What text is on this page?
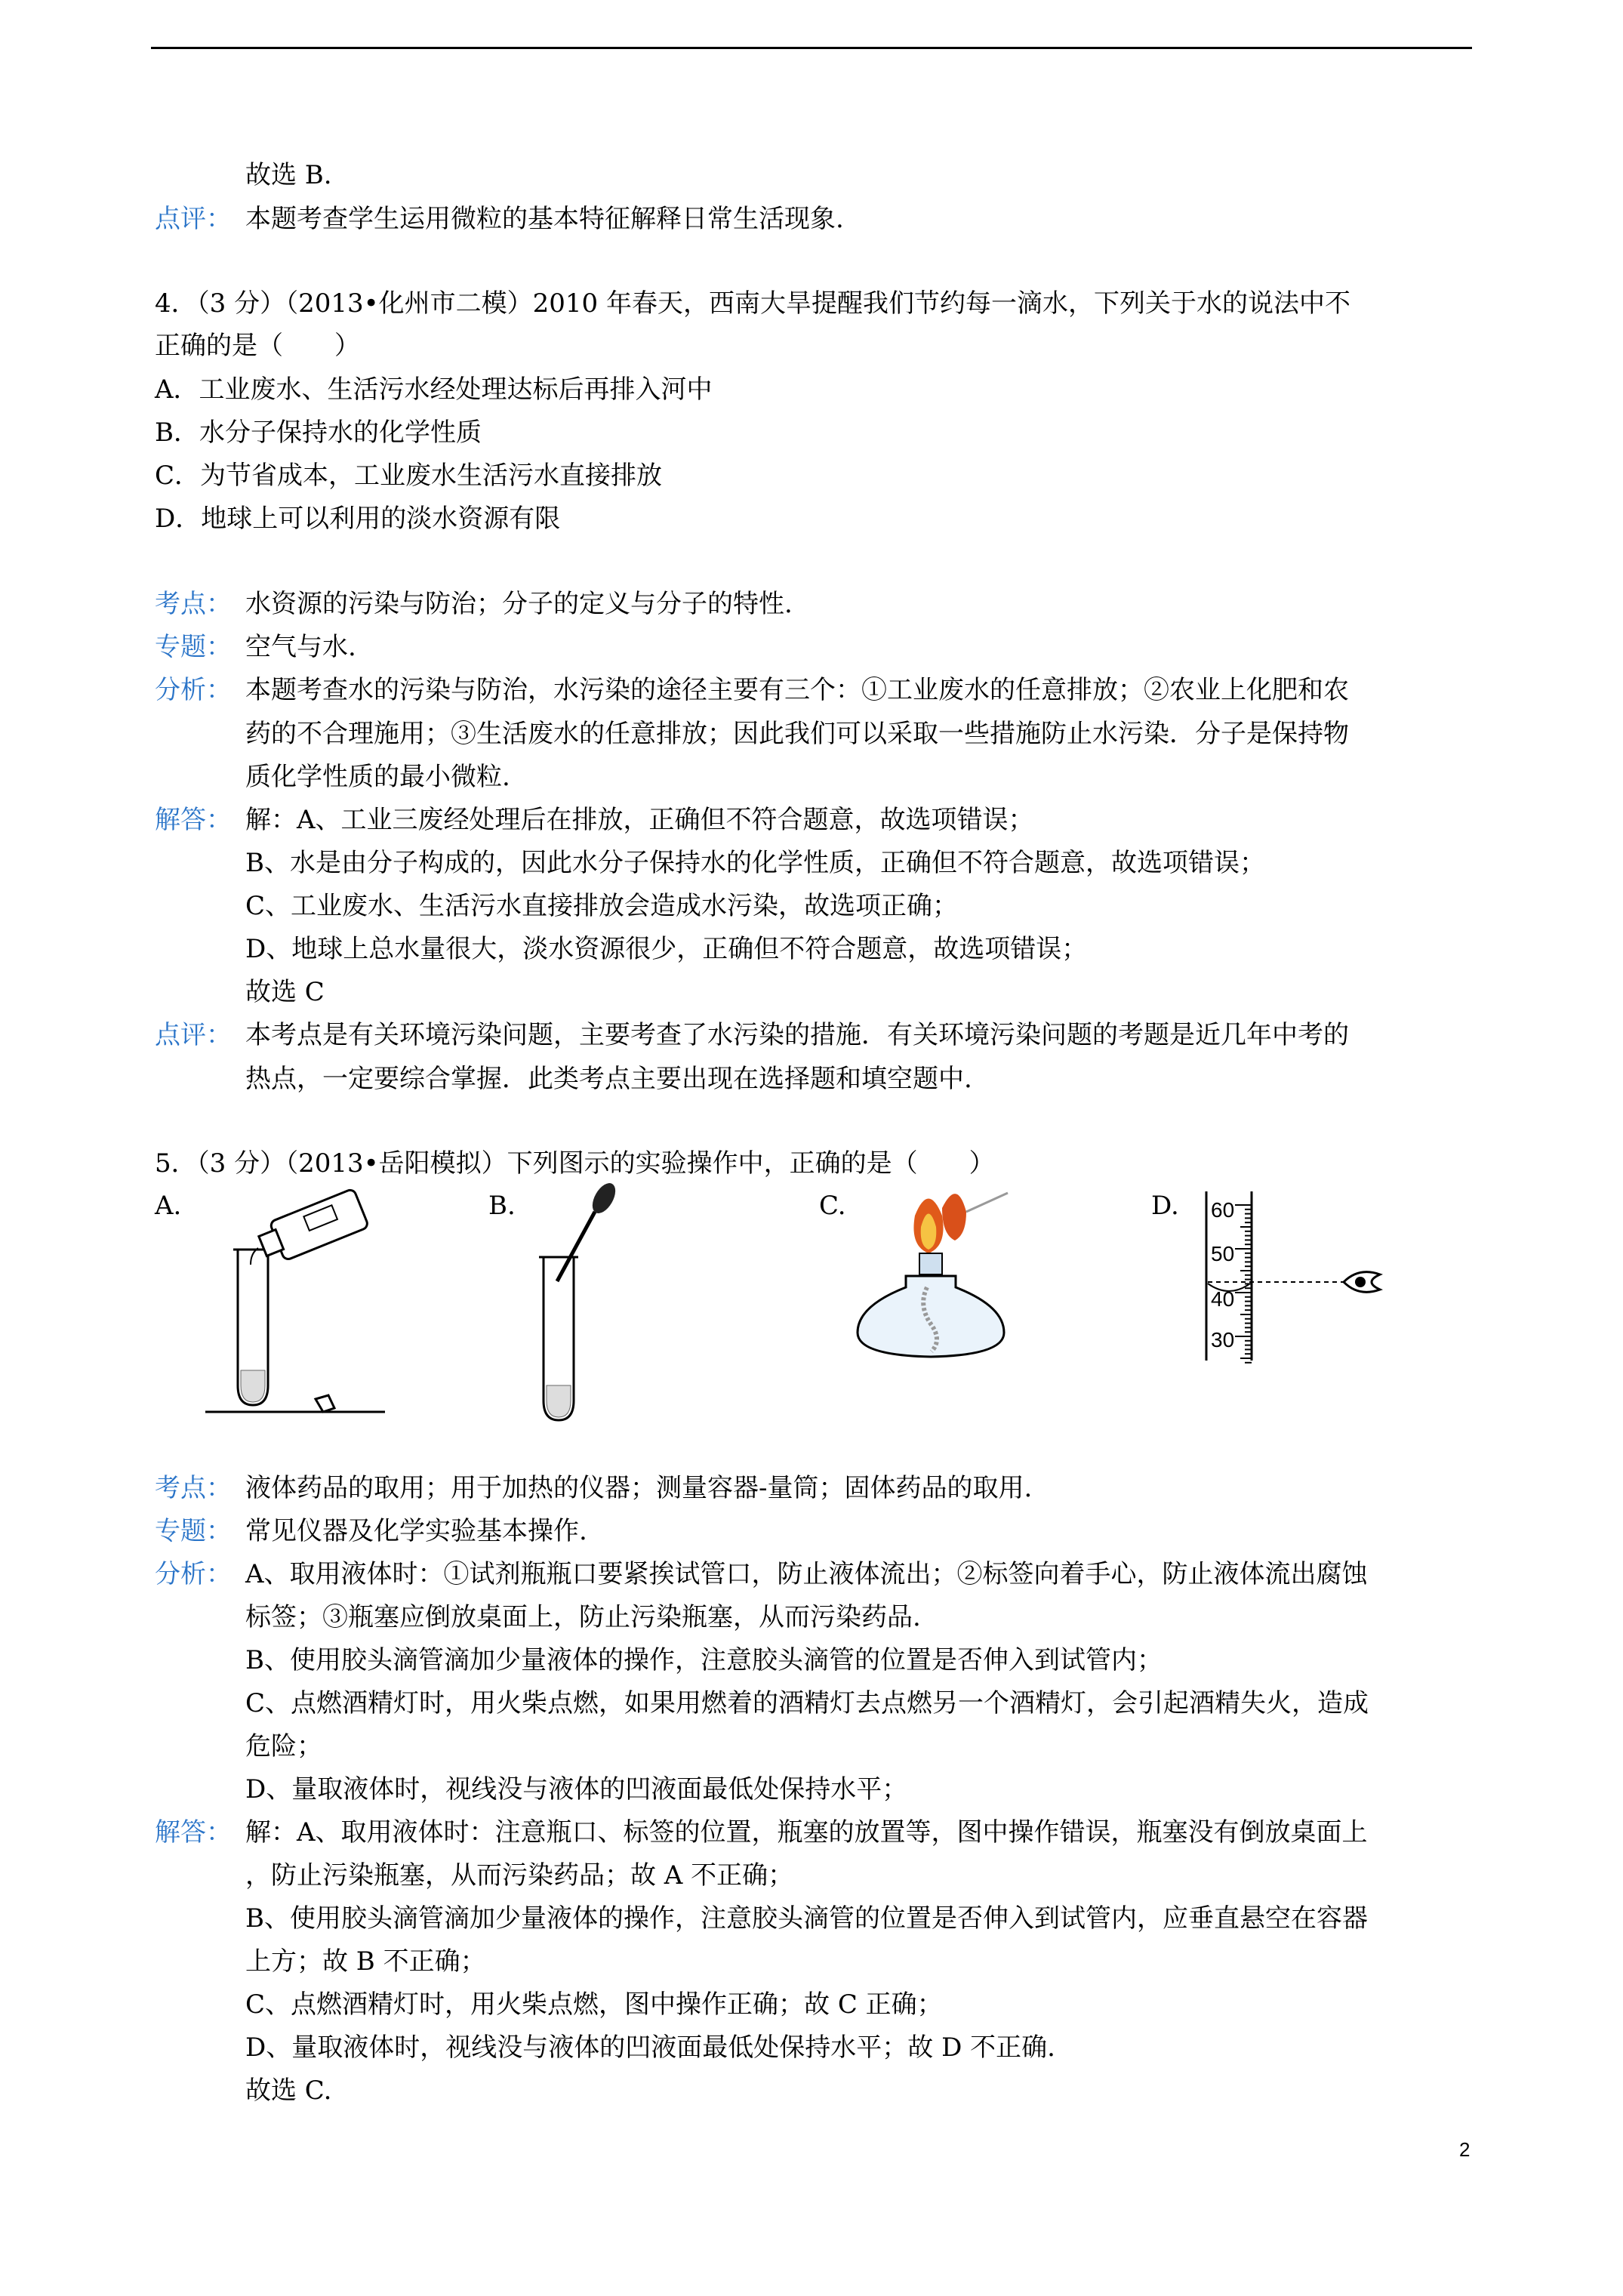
故选 B.
点评： 本题考查学生运用微粒的基本特征解释日常生活现象.
4．（3 分）（2013•化州市二模）2010 年春天，西南大旱提醒我们节约每一滴水，下列关于水的说法中不
正确的是（　　）
A．工业废水、生活污水经处理达标后再排入河中
B．水分子保持水的化学性质
C．为节省成本，工业废水生活污水直接排放
D．地球上可以利用的淡水资源有限
考点： 水资源的污染与防治；分子的定义与分子的特性.
专题： 空气与水.
分析： 本题考查水的污染与防治，水污染的途径主要有三个：①工业废水的任意排放；②农业上化肥和农
药的不合理施用；③生活废水的任意排放；因此我们可以采取一些措施防止水污染．分子是保持物
质化学性质的最小微粒.
解答： 解：A、工业三废经处理后在排放，正确但不符合题意，故选项错误；
B、水是由分子构成的，因此水分子保持水的化学性质，正确但不符合题意，故选项错误；
C、工业废水、生活污水直接排放会造成水污染，故选项正确；
D、地球上总水量很大，淡水资源很少，正确但不符合题意，故选项错误；
故选 C
点评： 本考点是有关环境污染问题，主要考查了水污染的措施．有关环境污染问题的考题是近几年中考的
热点，一定要综合掌握．此类考点主要出现在选择题和填空题中.
5．（3 分）（2013•岳阳模拟）下列图示的实验操作中，正确的是（　　）
A.	B.	C.	D. 60
50
40
30
考点： 液体药品的取用；用于加热的仪器；测量容器-量筒；固体药品的取用.
专题： 常见仪器及化学实验基本操作.
分析： A、取用液体时：①试剂瓶瓶口要紧挨试管口，防止液体流出；②标签向着手心，防止液体流出腐蚀
标签；③瓶塞应倒放桌面上，防止污染瓶塞，从而污染药品.
B、使用胶头滴管滴加少量液体的操作，注意胶头滴管的位置是否伸入到试管内；
C、点燃酒精灯时，用火柴点燃，如果用燃着的酒精灯去点燃另一个酒精灯，会引起酒精失火，造成
危险；
D、量取液体时，视线没与液体的凹液面最低处保持水平；
解答： 解：A、取用液体时：注意瓶口、标签的位置，瓶塞的放置等，图中操作错误，瓶塞没有倒放桌面上
，防止污染瓶塞，从而污染药品；故 A 不正确；
B、使用胶头滴管滴加少量液体的操作，注意胶头滴管的位置是否伸入到试管内，应垂直悬空在容器
上方；故 B 不正确；
C、点燃酒精灯时，用火柴点燃，图中操作正确；故 C 正确；
D、量取液体时，视线没与液体的凹液面最低处保持水平；故 D 不正确.
故选 C.
2
